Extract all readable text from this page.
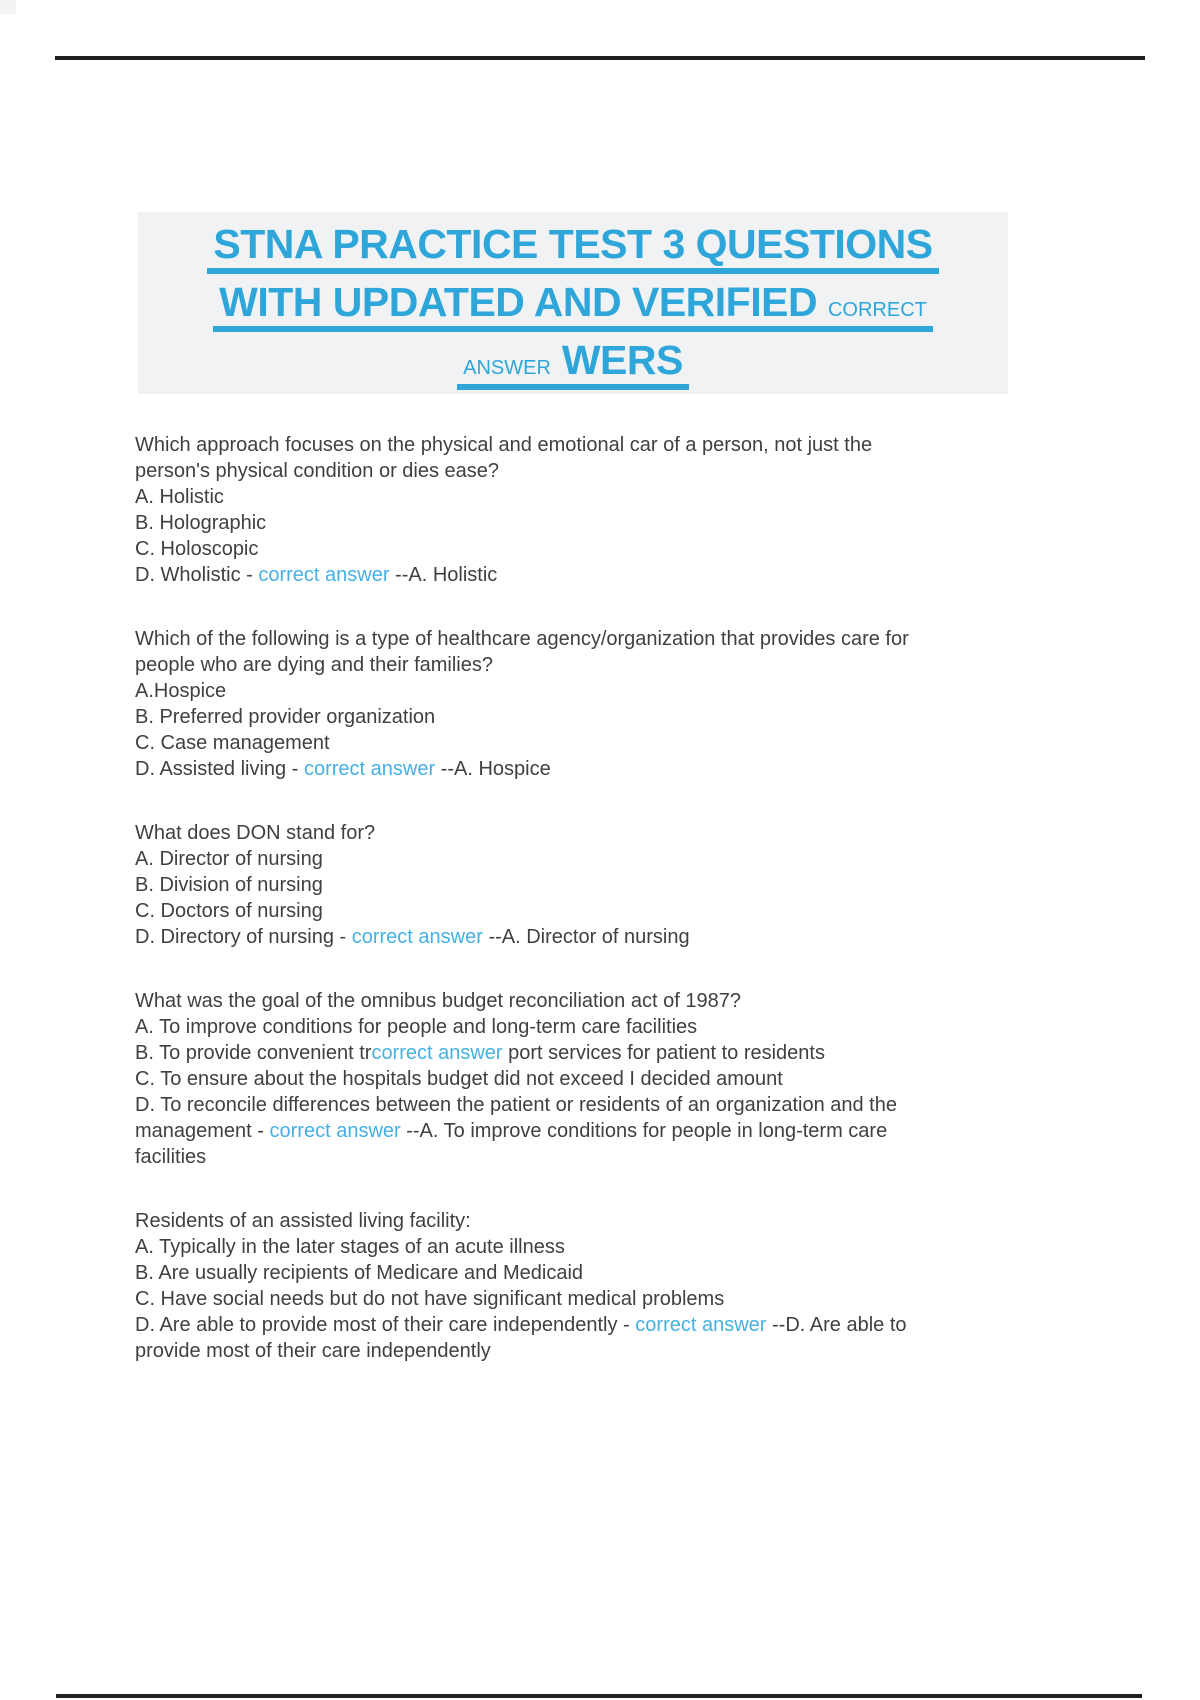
STNA PRACTICE TEST 3 QUESTIONS
WITH UPDATED AND VERIFIED CORRECT
ANSWER WERS
Which approach focuses on the physical and emotional car of a person, not just the
person's physical condition or dies ease?
A. Holistic
B. Holographic
C. Holoscopic
D. Wholistic - correct answer --A. Holistic
Which of the following is a type of healthcare agency/organization that provides care for
people who are dying and their families?
A.Hospice
B. Preferred provider organization
C. Case management
D. Assisted living - correct answer --A. Hospice
What does DON stand for?
A. Director of nursing
B. Division of nursing
C. Doctors of nursing
D. Directory of nursing - correct answer --A. Director of nursing
What was the goal of the omnibus budget reconciliation act of 1987?
A. To improve conditions for people and long-term care facilities
B. To provide convenient trcorrect answer port services for patient to residents
C. To ensure about the hospitals budget did not exceed I decided amount
D. To reconcile differences between the patient or residents of an organization and the
management - correct answer --A. To improve conditions for people in long-term care
facilities
Residents of an assisted living facility:
A. Typically in the later stages of an acute illness
B. Are usually recipients of Medicare and Medicaid
C. Have social needs but do not have significant medical problems
D. Are able to provide most of their care independently - correct answer --D. Are able to
provide most of their care independently
